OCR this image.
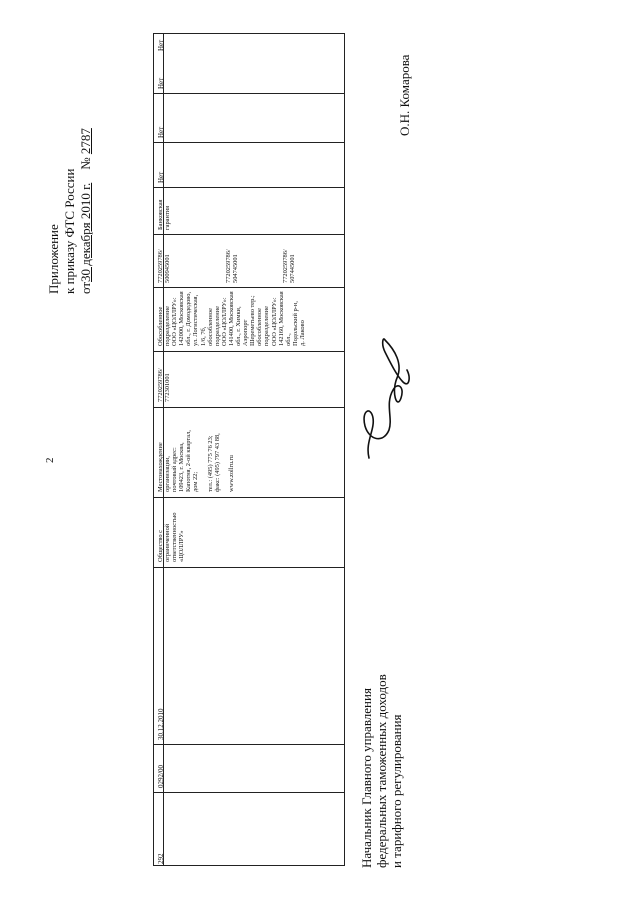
2
Приложение к приказу ФТС России от30 декабря 2010 г.    № 2787
292
0292/00
30.12.2010
Общество с
ограниченной
ответственностью
«ЦОЛЛРУ»
Местонахождение
организации,
почтовый адрес:
109423, г. Москва,
Капотня, 2-ой квартал,
дом 22;

тел.: (495) 775 76 23;
факс: (495) 797 43 88,

www.zollru.ru
7720259786/
772301001
Обособленное
подразделение
ООО «ЦОЛЛРУ»:
142000, Московская
обл., г. Домодедово,
ул. Логистическая,
1/6, 7б,
обособленное
подразделение
ООО «ЦОЛЛРУ»:
141400, Московская
обл., г. Химки,
Аэропорт
Шереметьево тер.;
обособленное
подразделение
ООО «ЦОЛЛРУ»:
142160, Московская
обл.,
Подольский р-н,
д. Лаково
7720259786/
500945001	7720259786/
504745001	7720259786/
507445001
Банковская
гарантия
Нет
Нет
Нет
Нет
Начальник Главного управления федеральных таможенных доходов и тарифного регулирования
О.Н. Комарова
